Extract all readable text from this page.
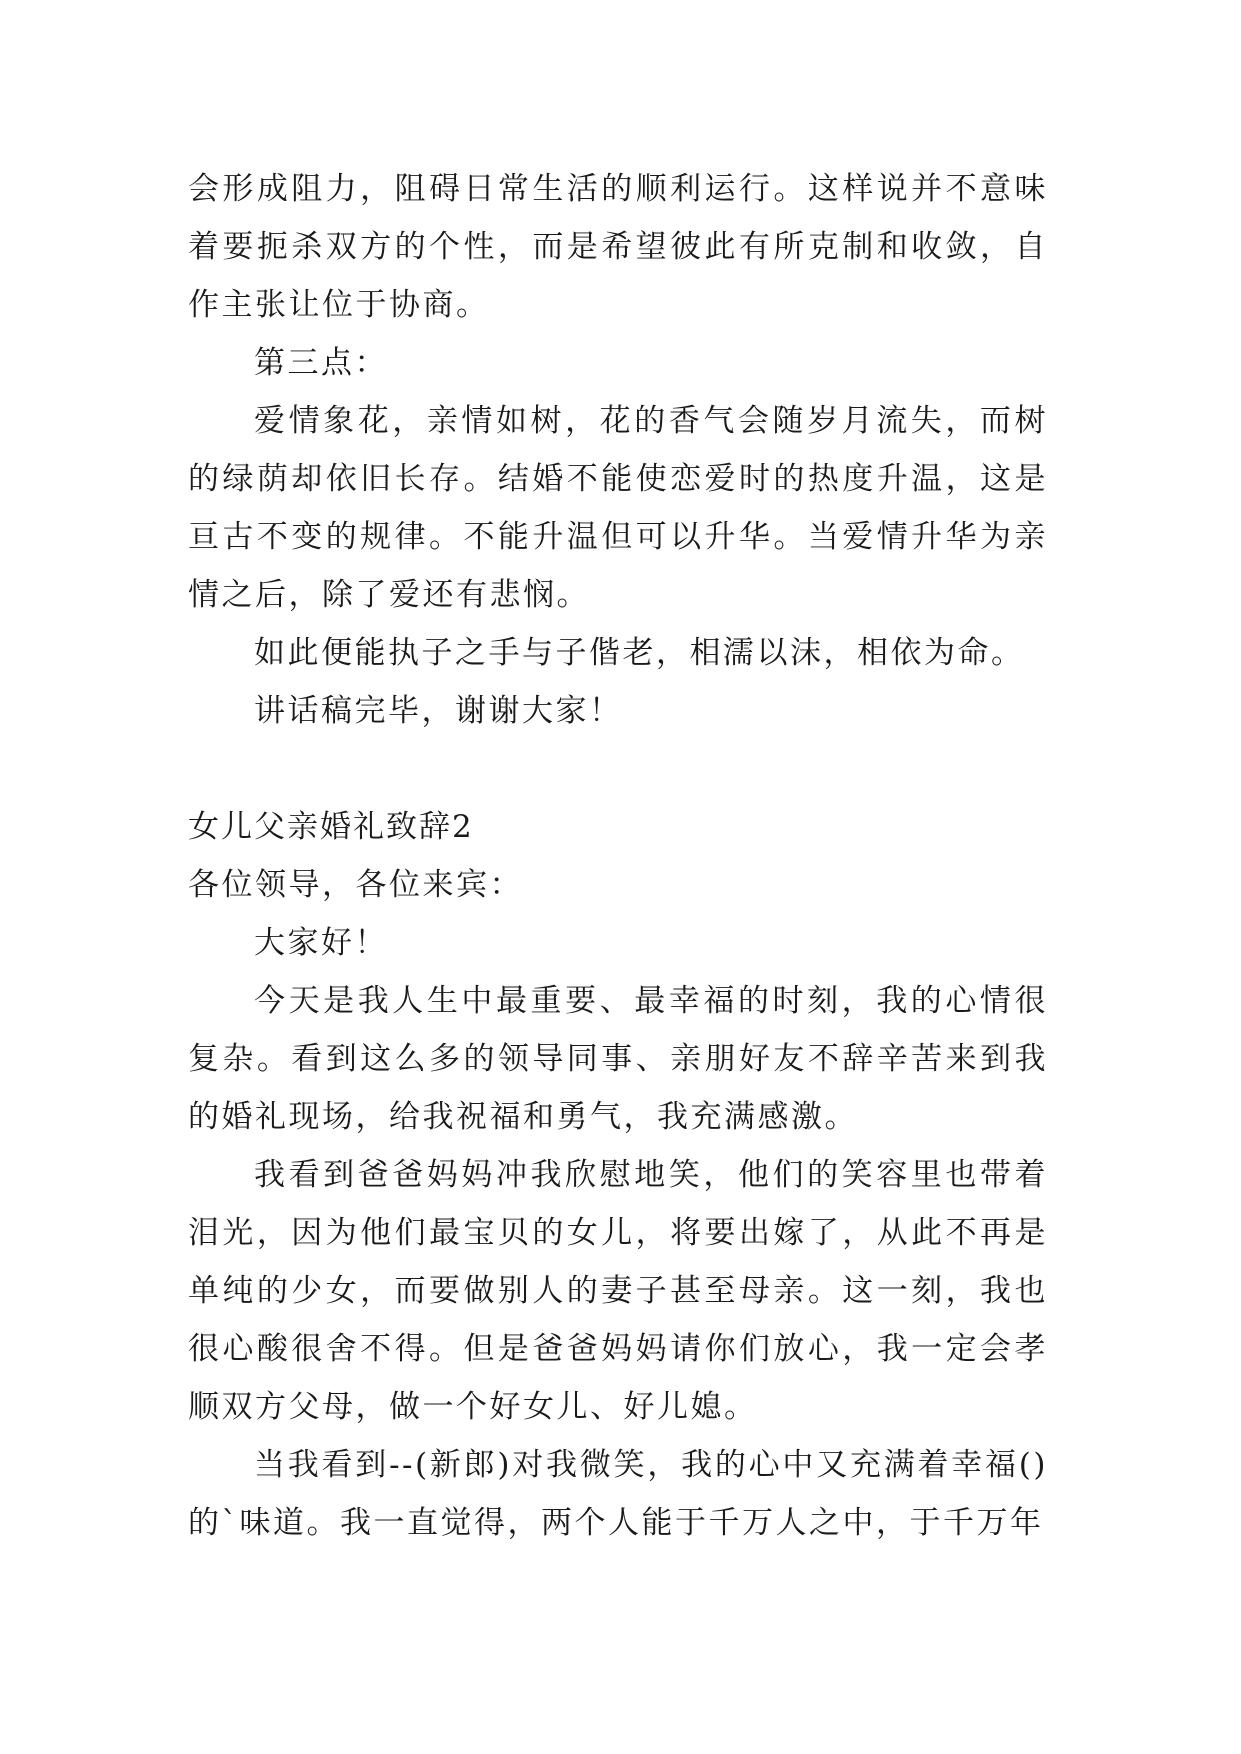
会形成阻力，阻碍日常生活的顺利运行。这样说并不意味着要扼杀双方的个性，而是希望彼此有所克制和收敛，自作主张让位于协商。

第三点：

爱情象花，亲情如树，花的香气会随岁月流失，而树的绿荫却依旧长存。结婚不能使恋爱时的热度升温，这是亘古不变的规律。不能升温但可以升华。当爱情升华为亲情之后，除了爱还有悲悯。

如此便能执子之手与子偕老，相濡以沫，相依为命。

讲话稿完毕，谢谢大家！

女儿父亲婚礼致辞2

各位领导，各位来宾：

大家好！

今天是我人生中最重要、最幸福的时刻，我的心情很复杂。看到这么多的领导同事、亲朋好友不辞辛苦来到我的婚礼现场，给我祝福和勇气，我充满感激。

我看到爸爸妈妈冲我欣慰地笑，他们的笑容里也带着泪光，因为他们最宝贝的女儿，将要出嫁了，从此不再是单纯的少女，而要做别人的妻子甚至母亲。这一刻，我也很心酸很舍不得。但是爸爸妈妈请你们放心，我一定会孝顺双方父母，做一个好女儿、好儿媳。

当我看到--(新郎)对我微笑，我的心中又充满着幸福()的`味道。我一直觉得，两个人能于千万人之中，于千万年
